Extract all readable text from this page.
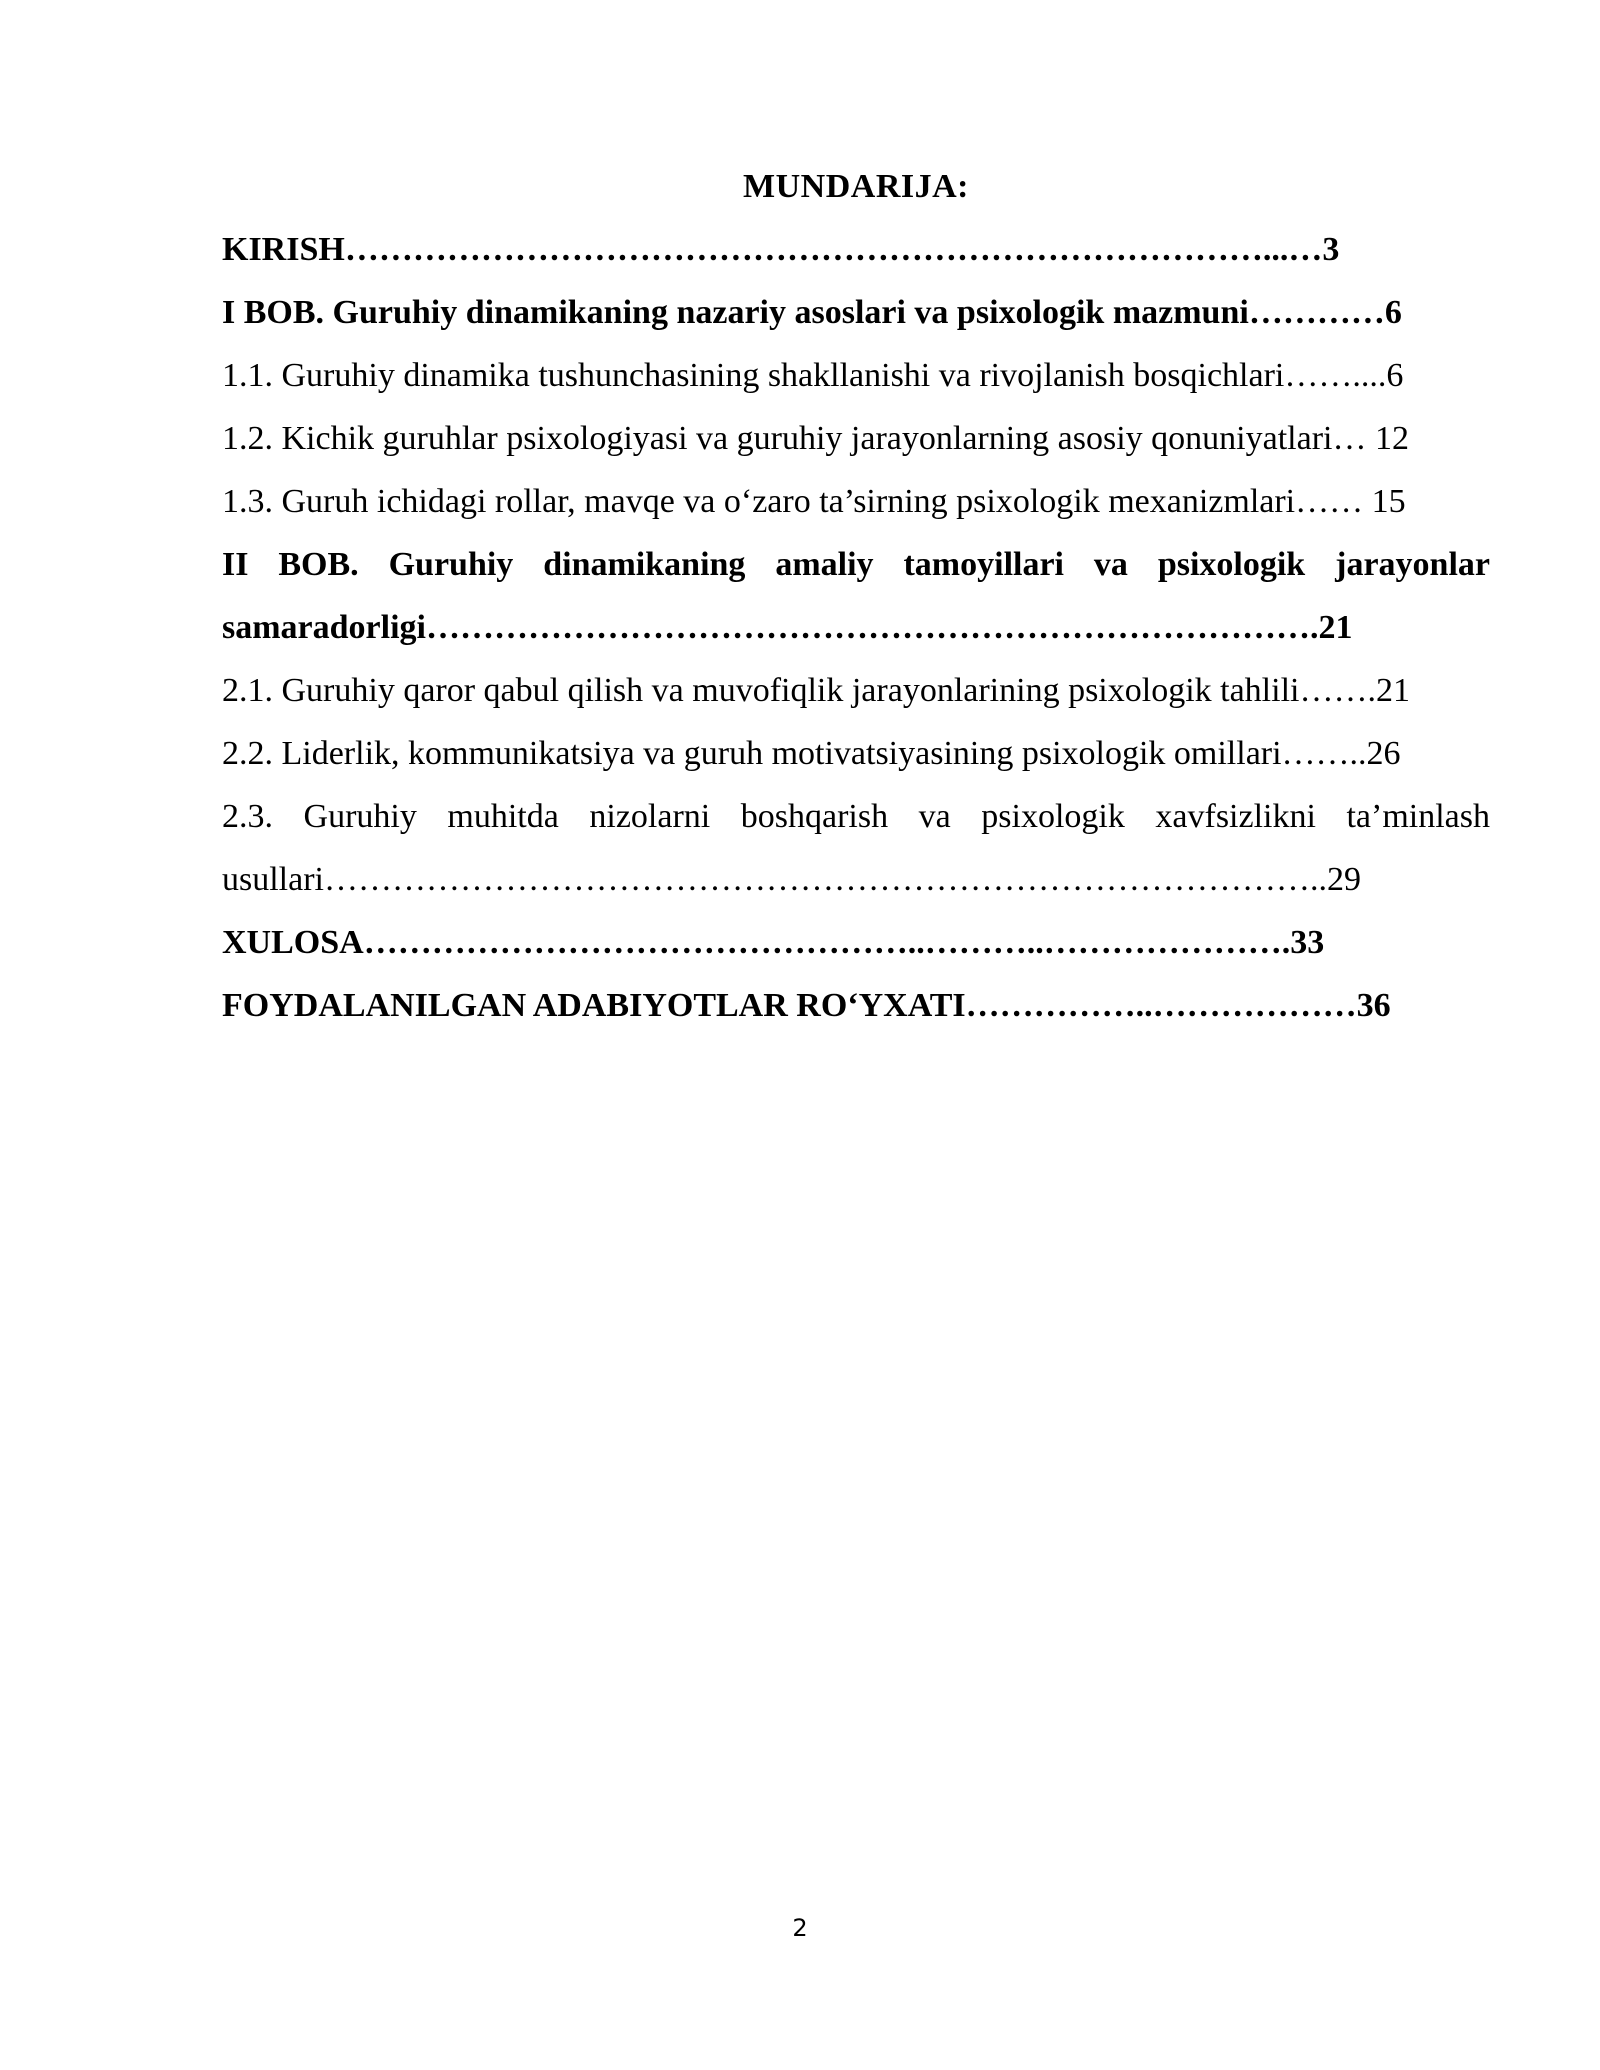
MUNDARIJA:
KIRISH………………………………………………………………………...…3
I BOB. Guruhiy dinamikaning nazariy asoslari va psixologik mazmuni…………6
1.1. Guruhiy dinamika tushunchasining shakllanishi va rivojlanish bosqichlari……....6
1.2. Kichik guruhlar psixologiyasi va guruhiy jarayonlarning asosiy qonuniyatlari… 12
1.3. Guruh ichidagi rollar, mavqe va o‘zaro ta’sirning psixologik mexanizmlari…… 15
II BOB. Guruhiy dinamikaning amaliy tamoyillari va psixologik jarayonlar samaradorligi…………………………………………………………………….21
2.1. Guruhiy qaror qabul qilish va muvofiqlik jarayonlarining psixologik tahlili…….21
2.2. Liderlik, kommunikatsiya va guruh motivatsiyasining psixologik omillari……..26
2.3. Guruhiy muhitda nizolarni boshqarish va psixologik xavfsizlikni ta’minlash usullari……………………………………………………………………………..29
XULOSA…………………………………………..………..………………….33
FOYDALANILGAN ADABIYOTLAR RO‘YXATI……………..………………36
2
